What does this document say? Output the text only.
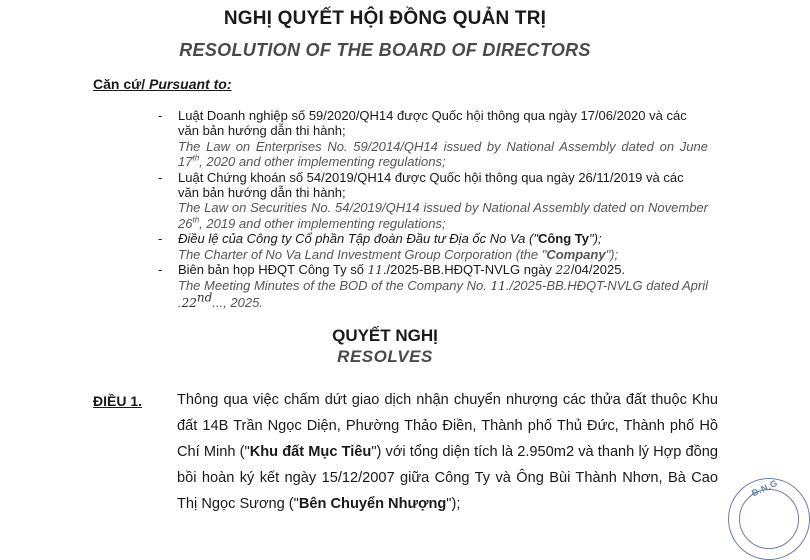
NGHỊ QUYẾT HỘI ĐỒNG QUẢN TRỊ
RESOLUTION OF THE BOARD OF DIRECTORS
Căn cứ/ Pursuant to:
- Luật Doanh nghiệp số 59/2020/QH14 được Quốc hội thông qua ngày 17/06/2020 và các văn bản hướng dẫn thi hành;
The Law on Enterprises No. 59/2014/QH14 issued by National Assembly dated on June 17th, 2020 and other implementing regulations;
- Luật Chứng khoán số 54/2019/QH14 được Quốc hội thông qua ngày 26/11/2019 và các văn bản hướng dẫn thi hành;
The Law on Securities No. 54/2019/QH14 issued by National Assembly dated on November 26th, 2019 and other implementing regulations;
- Điều lệ của Công ty Cổ phần Tập đoàn Đầu tư Địa ốc No Va ("Công Ty");
The Charter of No Va Land Investment Group Corporation (the "Company");
- Biên bản họp HĐQT Công Ty số 11./2025-BB.HĐQT-NVLG ngày 22/04/2025.
The Meeting Minutes of the BOD of the Company No. 11./2025-BB.HĐQT-NVLG dated April .22nd..., 2025.
QUYẾT NGHỊ
RESOLVES
ĐIỀU 1. Thông qua việc chấm dứt giao dịch nhận chuyển nhượng các thửa đất thuộc Khu đất 14B Trần Ngọc Diện, Phường Thảo Điền, Thành phố Thủ Đức, Thành phố Hồ Chí Minh ("Khu đất Mục Tiêu") với tổng diện tích là 2.950m2 và thanh lý Hợp đồng bồi hoàn ký kết ngày 15/12/2007 giữa Công Ty và Ông Bùi Thành Nhơn, Bà Cao Thị Ngọc Sương ("Bên Chuyển Nhượng");
Đ.N.G
